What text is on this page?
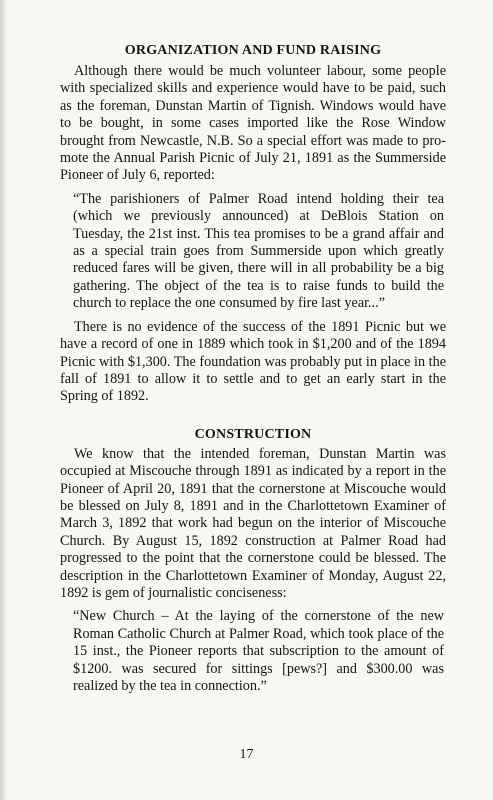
ORGANIZATION AND FUND RAISING

Although there would be much volunteer labour, some people with specialized skills and experience would have to be paid, such as the foreman, Dunstan Martin of Tignish. Windows would have to be bought, in some cases imported like the Rose Window brought from Newcastle, N.B. So a special effort was made to promote the Annual Parish Picnic of July 21, 1891 as the Summerside Pioneer of July 6, reported:

“The parishioners of Palmer Road intend holding their tea (which we previously announced) at DeBlois Station on Tuesday, the 21st inst. This tea promises to be a grand affair and as a special train goes from Summerside upon which greatly reduced fares will be given, there will in all probability be a big gathering. The object of the tea is to raise funds to build the church to replace the one consumed by fire last year...”

There is no evidence of the success of the 1891 Picnic but we have a record of one in 1889 which took in $1,200 and of the 1894 Picnic with $1,300. The foundation was probably put in place in the fall of 1891 to allow it to settle and to get an early start in the Spring of 1892.

CONSTRUCTION

We know that the intended foreman, Dunstan Martin was occupied at Miscouche through 1891 as indicated by a report in the Pioneer of April 20, 1891 that the cornerstone at Miscouche would be blessed on July 8, 1891 and in the Charlottetown Examiner of March 3, 1892 that work had begun on the interior of Miscouche Church. By August 15, 1892 construction at Palmer Road had progressed to the point that the cornerstone could be blessed. The description in the Charlottetown Examiner of Monday, August 22, 1892 is gem of journalistic conciseness:

“New Church – At the laying of the cornerstone of the new Roman Catholic Church at Palmer Road, which took place of the 15 inst., the Pioneer reports that subscription to the amount of $1200. was secured for sittings [pews?] and $300.00 was realized by the tea in connection.”
17
